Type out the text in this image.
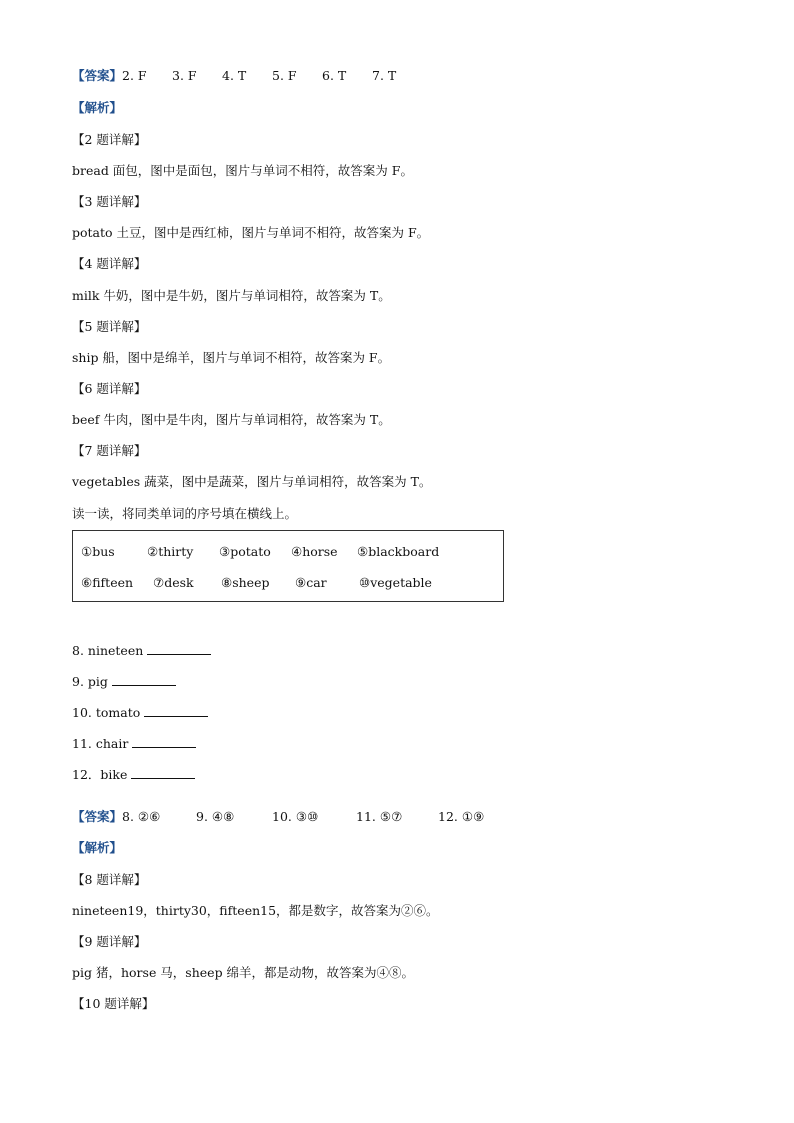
【答案】2. F 3. F 4. T 5. F 6. T 7. T
【解析】
【2 题详解】
bread 面包，图中是面包，图片与单词不相符，故答案为 F。
【3 题详解】
potato 土豆，图中是西红柿，图片与单词不相符，故答案为 F。
【4 题详解】
milk 牛奶，图中是牛奶，图片与单词相符，故答案为 T。
【5 题详解】
ship 船，图中是绵羊，图片与单词不相符，故答案为 F。
【6 题详解】
beef 牛肉，图中是牛肉，图片与单词相符，故答案为 T。
【7 题详解】
vegetables 蔬菜，图中是蔬菜，图片与单词相符，故答案为 T。
读一读，将同类单词的序号填在横线上。
①bus	②thirty ③potato ④horse ⑤blackboard
⑥fifteen ⑦desk ⑧sheep ⑨car	⑩vegetable
8. nineteen
9. pig
10. tomato
11. chair
12．bike
【答案】8. ②⑥	9. ④⑧	10. ③⑩	11. ⑤⑦	12. ①⑨
【解析】
【8 题详解】
nineteen19，thirty30，fifteen15，都是数字，故答案为②⑥。
【9 题详解】
pig 猪，horse 马，sheep 绵羊，都是动物，故答案为④⑧。
【10 题详解】
